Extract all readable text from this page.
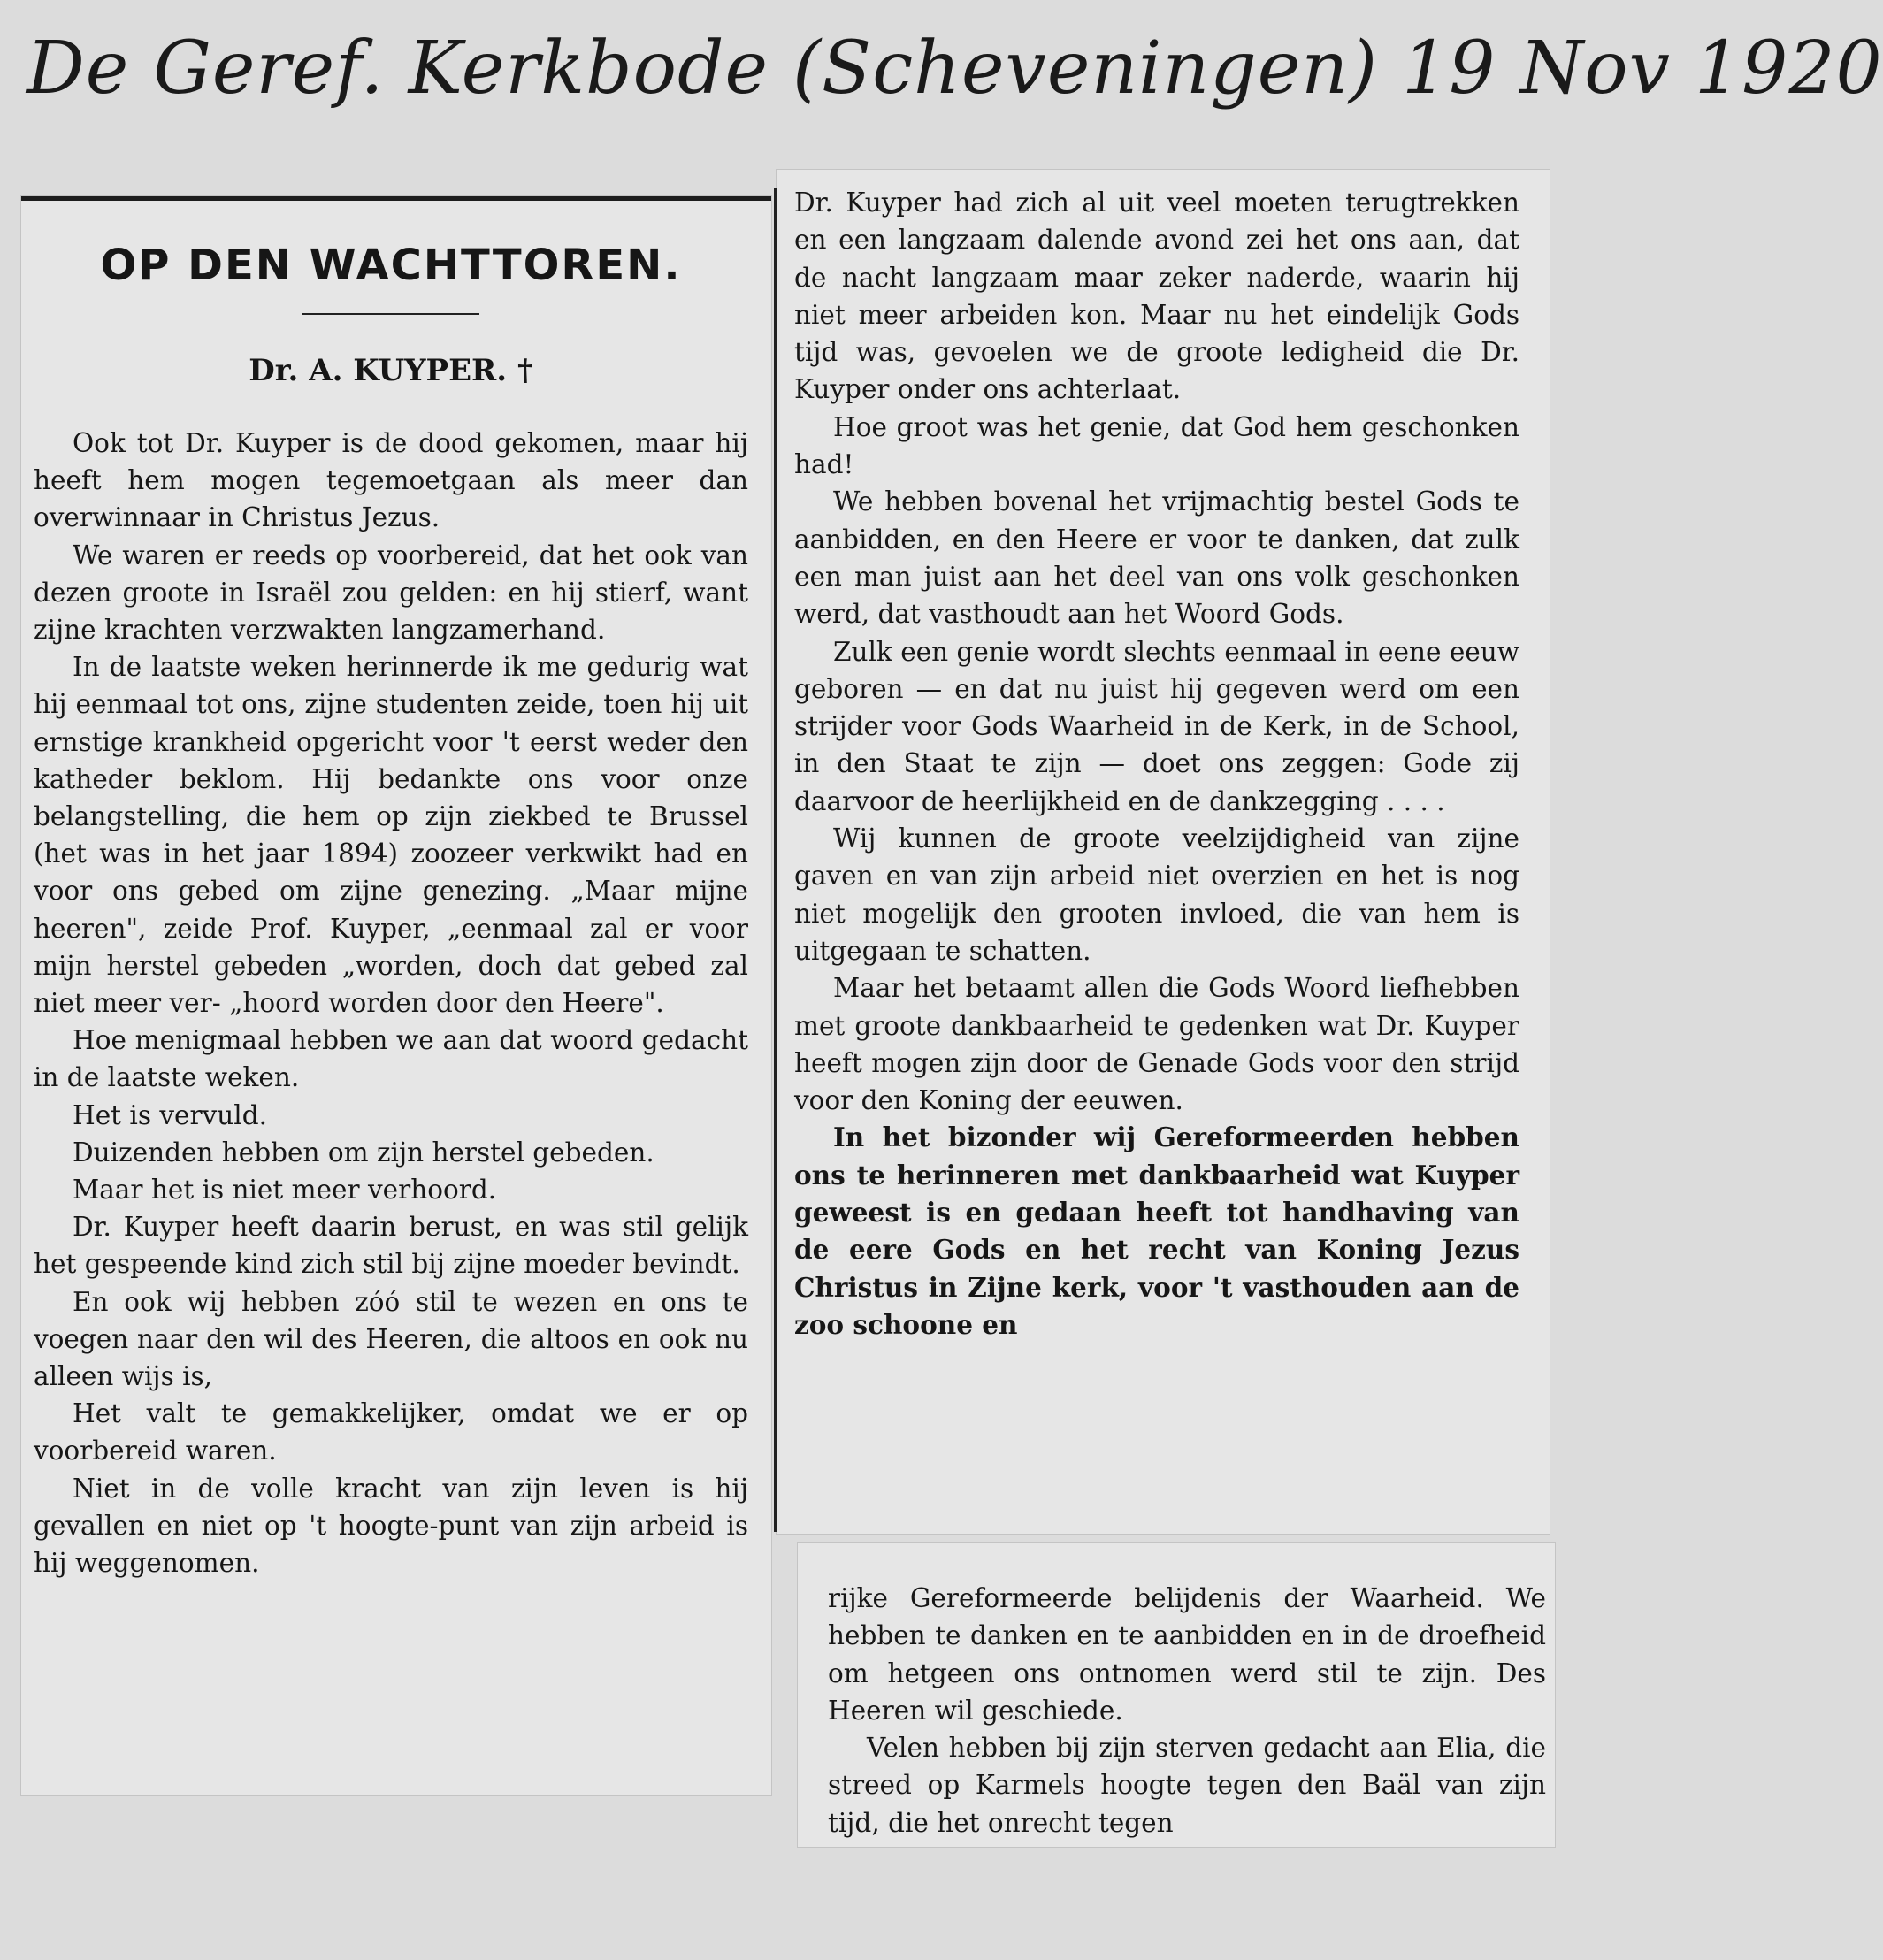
De Geref. Kerkbode (Scheveningen) 19 Nov 1920
OP DEN WACHTTOREN.
Dr. A. KUYPER. †

Ook tot Dr. Kuyper is de dood gekomen, maar hij heeft hem mogen tegemoetgaan als meer dan overwinnaar in Christus Jezus.

We waren er reeds op voorbereid, dat het ook van dezen groote in Israël zou gelden: en hij stierf, want zijne krachten verzwakten langzamerhand.

In de laatste weken herinnerde ik me gedurig wat hij eenmaal tot ons, zijne studenten zeide, toen hij uit ernstige krankheid opgericht voor 't eerst weder den katheder beklom. Hij bedankte ons voor onze belangstelling, die hem op zijn ziekbed te Brussel (het was in het jaar 1894) zoozeer verkwikt had en voor ons gebed om zijne genezing. „Maar mijne heeren", zeide Prof. Kuyper, „eenmaal zal er voor mijn herstel gebeden „worden, doch dat gebed zal niet meer ver- „hoord worden door den Heere".

Hoe menigmaal hebben we aan dat woord gedacht in de laatste weken.

Het is vervuld.

Duizenden hebben om zijn herstel gebeden.

Maar het is niet meer verhoord.

Dr. Kuyper heeft daarin berust, en was stil gelijk het gespeende kind zich stil bij zijne moeder bevindt.

En ook wij hebben zóó stil te wezen en ons te voegen naar den wil des Heeren, die altoos en ook nu alleen wijs is,

Het valt te gemakkelijker, omdat we er op voorbereid waren.

Niet in de volle kracht van zijn leven is hij gevallen en niet op 't hoogte-punt van zijn arbeid is hij weggenomen.

Dr. Kuyper had zich al uit veel moeten terugtrekken en een langzaam dalende avond zei het ons aan, dat de nacht langzaam maar zeker naderde, waarin hij niet meer arbeiden kon. Maar nu het eindelijk Gods tijd was, gevoelen we de groote ledigheid die Dr. Kuyper onder ons achterlaat.

Hoe groot was het genie, dat God hem geschonken had!

We hebben bovenal het vrijmachtig bestel Gods te aanbidden, en den Heere er voor te danken, dat zulk een man juist aan het deel van ons volk geschonken werd, dat vasthoudt aan het Woord Gods.

Zulk een genie wordt slechts eenmaal in eene eeuw geboren — en dat nu juist hij gegeven werd om een strijder voor Gods Waarheid in de Kerk, in de School, in den Staat te zijn — doet ons zeggen: Gode zij daarvoor de heerlijkheid en de dankzegging . . . .

Wij kunnen de groote veelzijdigheid van zijne gaven en van zijn arbeid niet overzien en het is nog niet mogelijk den grooten invloed, die van hem is uitgegaan te schatten.

Maar het betaamt allen die Gods Woord liefhebben met groote dankbaarheid te gedenken wat Dr. Kuyper heeft mogen zijn door de Genade Gods voor den strijd voor den Koning der eeuwen.

In het bizonder wij Gereformeerden hebben ons te herinneren met dankbaarheid wat Kuyper geweest is en gedaan heeft tot handhaving van de eere Gods en het recht van Koning Jezus Christus in Zijne kerk, voor 't vasthouden aan de zoo schoone en

rijke Gereformeerde belijdenis der Waarheid. We hebben te danken en te aanbidden en in de droefheid om hetgeen ons ontnomen werd stil te zijn. Des Heeren wil geschiede.

Velen hebben bij zijn sterven gedacht aan Elia, die streed op Karmels hoogte tegen den Baäl van zijn tijd, die het onrecht tegen
